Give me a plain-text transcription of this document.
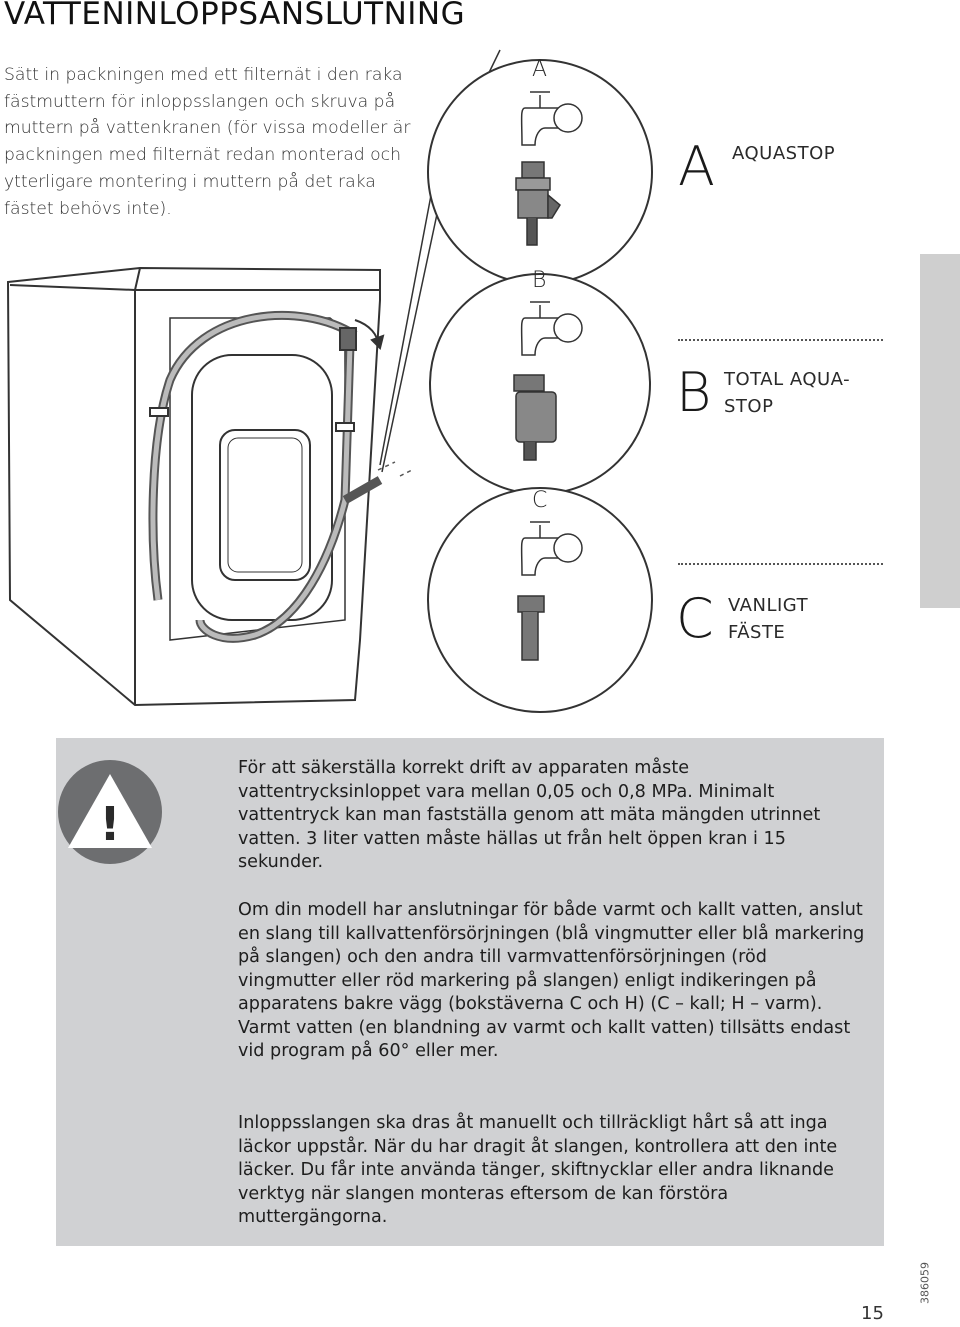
VATTENINLOPPSANSLUTNING

Sätt in packningen med ett filternät i den raka fästmuttern för inloppsslangen och skruva på muttern på vattenkranen (för vissa modeller är packningen med filternät redan monterad och ytterligare montering i muttern på det raka fästet behövs inte).

A
B
C
A AQUASTOP
B TOTAL AQUA-
STOP
C VANLIGT
FÄSTE
!

För att säkerställa korrekt drift av apparaten måste vattentrycksinloppet vara mellan 0,05 och 0,8 MPa. Minimalt vattentryck kan man fastställa genom att mäta mängden utrinnet vatten. 3 liter vatten måste hällas ut från helt öppen kran i 15 sekunder.

Om din modell har anslutningar för både varmt och kallt vatten, anslut en slang till kallvattenförsörjningen (blå vingmutter eller blå markering på slangen) och den andra till varmvattenförsörjningen (röd vingmutter eller röd markering på slangen) enligt indikeringen på apparatens bakre vägg (bokstäverna C och H) (C – kall; H – varm).
Varmt vatten (en blandning av varmt och kallt vatten) tillsätts endast vid program på 60° eller mer.

Inloppsslangen ska dras åt manuellt och tillräckligt hårt så att inga läckor uppstår. När du har dragit åt slangen, kontrollera att den inte läcker. Du får inte använda tänger, skiftnycklar eller andra liknande verktyg när slangen monteras eftersom de kan förstöra muttergängorna.

15
386059
